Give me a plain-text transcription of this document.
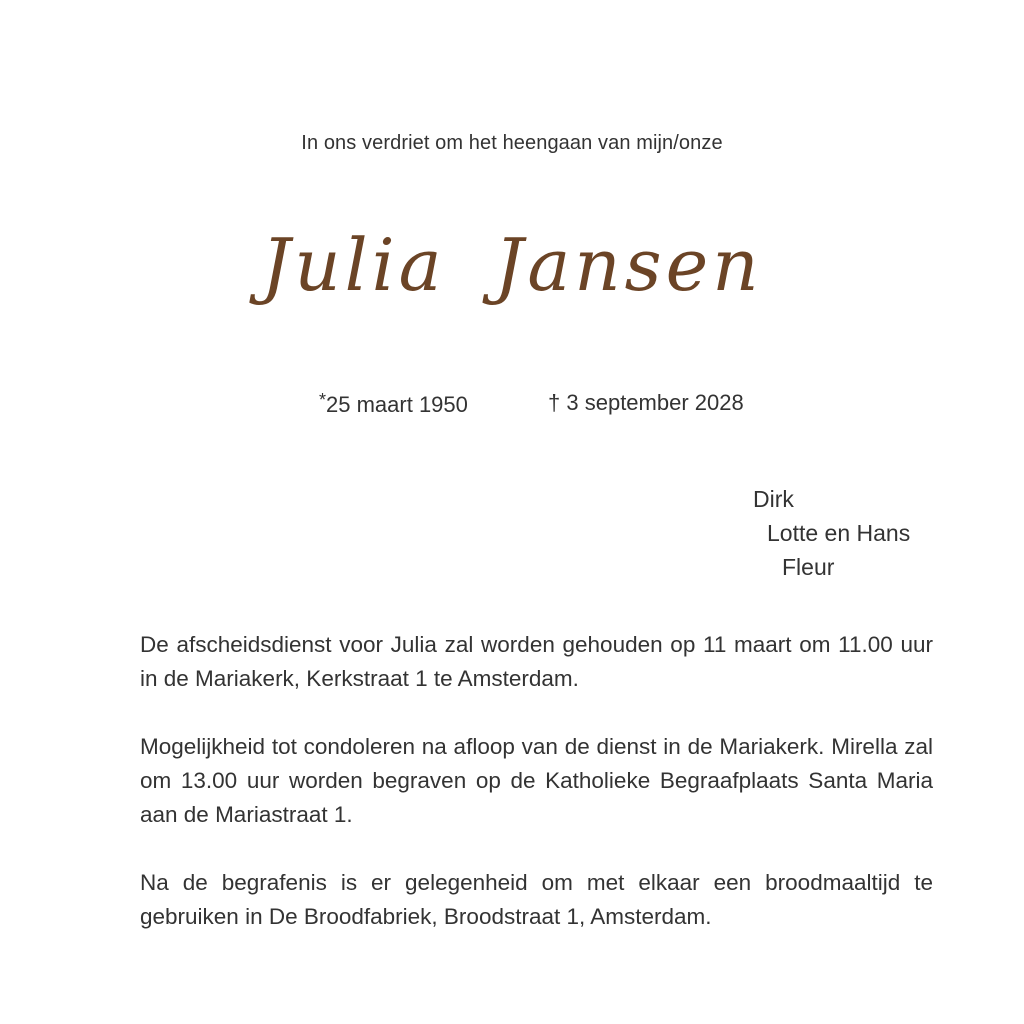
In ons verdriet om het heengaan van mijn/onze
Julia Jansen
*25 maart 1950	† 3 september 2028
Dirk
Lotte en Hans
Fleur

De afscheidsdienst voor Julia zal worden gehouden op 11 maart om 11.00 uur in de Mariakerk, Kerkstraat 1 te Amsterdam.

Mogelijkheid tot condoleren na afloop van de dienst in de Mariakerk. Mirella zal om 13.00 uur worden begraven op de Katholieke Begraafplaats Santa Maria aan de Mariastraat 1.

Na de begrafenis is er gelegenheid om met elkaar een broodmaaltijd te gebruiken in De Broodfabriek, Broodstraat 1, Amsterdam.
